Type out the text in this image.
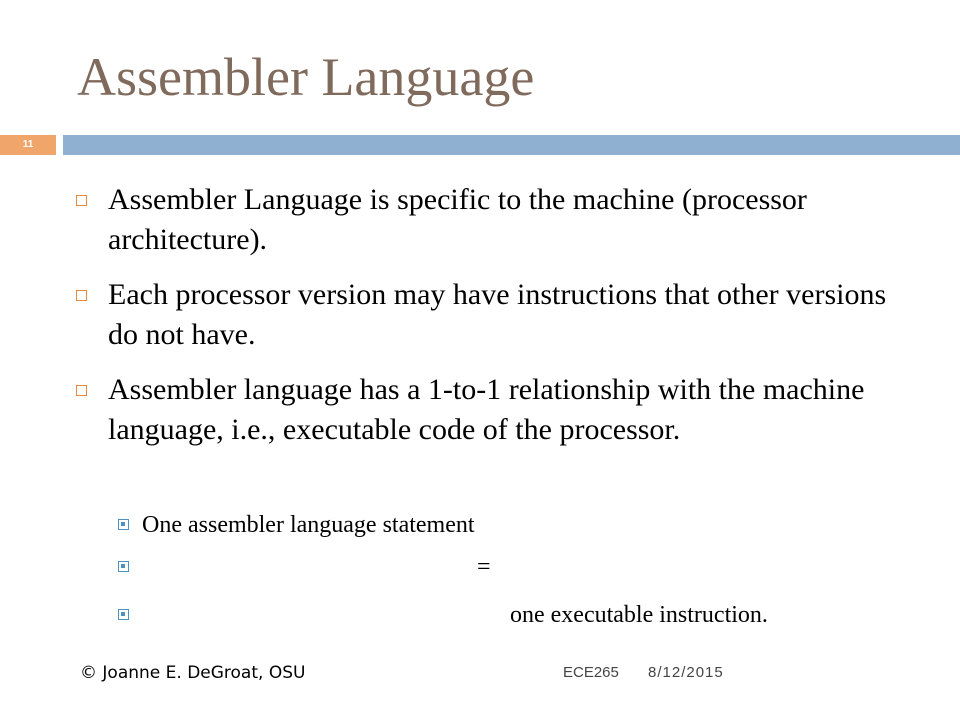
Assembler Language
11
Assembler Language is specific to the machine (processor architecture).
Each processor version may have instructions that other versions do not have.
Assembler language has a 1-to-1 relationship with the machine language, i.e., executable code of the processor.
One assembler language statement
=
one executable instruction.
© Joanne E. DeGroat, OSU	ECE265 8/12/2015
